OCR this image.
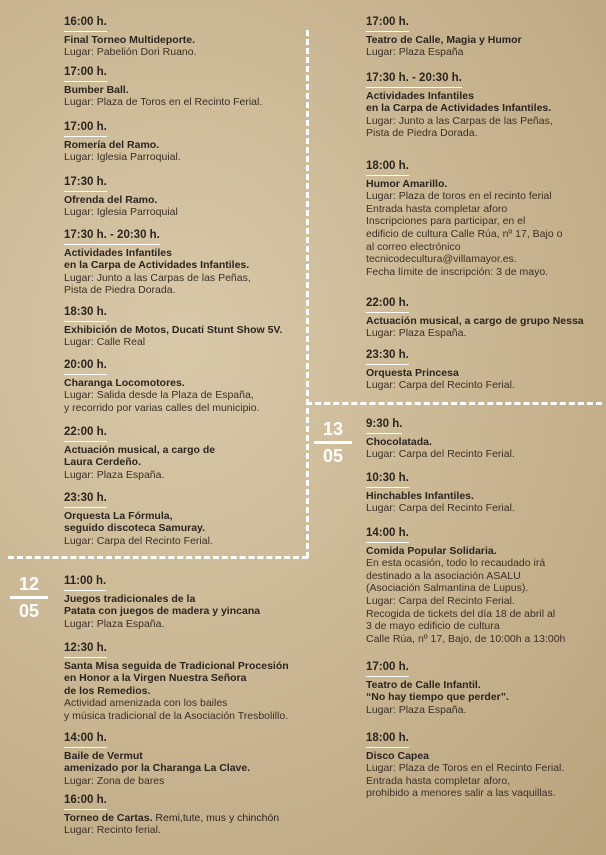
12
05
13
05
16:00 h.
Final Torneo Multideporte.
Lugar: Pabelión Dori Ruano.
17:00 h.
Bumber Ball.
Lugar: Plaza de Toros en el Recinto Ferial.
17:00 h.
Romería del Ramo.
Lugar: Iglesia Parroquial.
17:30 h.
Ofrenda del Ramo.
Lugar: Iglesia Parroquial
17:30 h. - 20:30 h.
Actividades Infantiles
en la Carpa de Actividades Infantiles.
Lugar: Junto a las Carpas de las Peñas,
Pista de Piedra Dorada.
18:30 h.
Exhibición de Motos, Ducati Stunt Show 5V.
Lugar: Calle Real
20:00 h.
Charanga Locomotores.
Lugar: Salida desde la Plaza de España,
y recorrido por varias calles del municipio.
22:00 h.
Actuación musical, a cargo de
Laura Cerdeño.
Lugar: Plaza España.
23:30 h.
Orquesta La Fórmula,
seguido discoteca Samuray.
Lugar: Carpa del Recinto Ferial.
11:00 h.
Juegos tradicionales de la
Patata con juegos de madera y yincana
Lugar: Plaza España.
12:30 h.
Santa Misa seguida de Tradicional Procesión
en Honor a la Virgen Nuestra Señora
de los Remedios.
Actividad amenizada con los bailes
y música tradicional de la Asociación Tresbolillo.
14:00 h.
Baile de Vermut
amenizado por la Charanga La Clave.
Lugar: Zona de bares
16:00 h.
Torneo de Cartas. Remi,tute, mus y chinchón
Lugar: Recinto ferial.
17:00 h.
Teatro de Calle, Magia y Humor
Lugar: Plaza España
17:30 h. - 20:30 h.
Actividades Infantiles
en la Carpa de Actividades Infantiles.
Lugar: Junto a las Carpas de las Peñas,
Pista de Piedra Dorada.
18:00 h.
Humor Amarillo.
Lugar: Plaza de toros en el recinto ferial
Entrada hasta completar aforo
Inscripciones para participar, en el
edificio de cultura Calle Rúa, nº 17, Bajo o
al correo electrónico
tecnicodecultura@villamayor.es.
Fecha límite de inscripción: 3 de mayo.
22:00 h.
Actuación musical, a cargo de grupo Nessa
Lugar: Plaza España.
23:30 h.
Orquesta Princesa
Lugar: Carpa del Recinto Ferial.
9:30 h.
Chocolatada.
Lugar: Carpa del Recinto Ferial.
10:30 h.
Hinchables Infantiles.
Lugar: Carpa del Recinto Ferial.
14:00 h.
Comida Popular Solidaria.
En esta ocasión, todo lo recaudado irá
destinado a la asociación ASALU
(Asociación Salmantina de Lupus).
Lugar: Carpa del Recinto Ferial.
Recogida de tickets del día 18 de abril al
3 de mayo edificio de cultura
Calle Rúa, nº 17, Bajo, de 10:00h a 13:00h
17:00 h.
Teatro de Calle Infantil.
“No hay tiempo que perder”.
Lugar: Plaza España.
18:00 h.
Disco Capea
Lugar: Plaza de Toros en el Recinto Ferial.
Entrada hasta completar aforo,
prohibido a menores salir a las vaquillas.
